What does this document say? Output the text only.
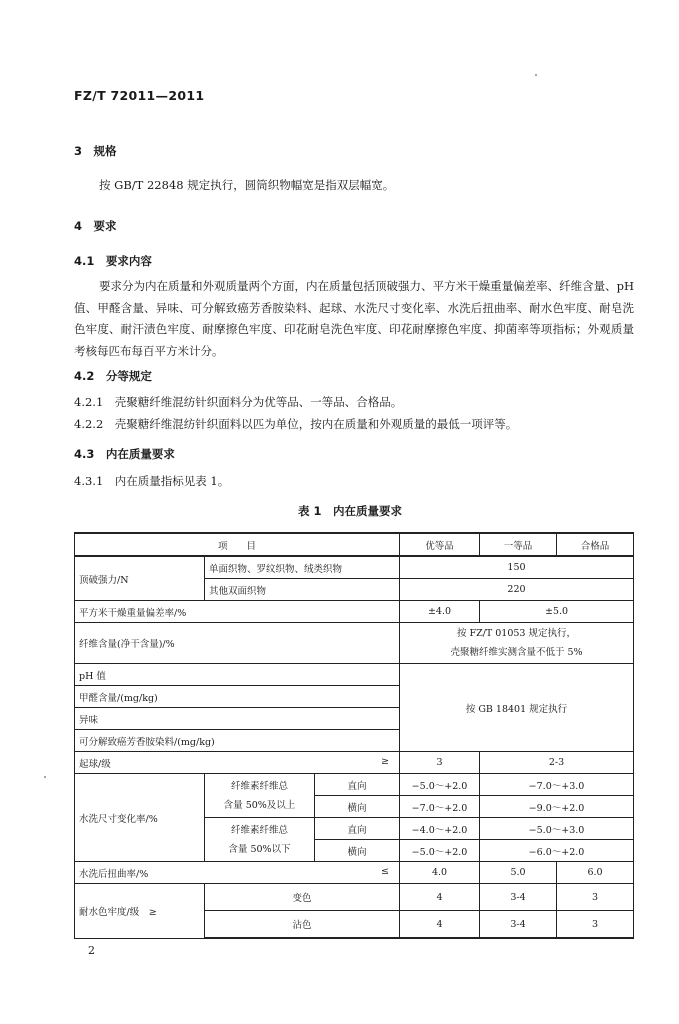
FZ/T 72011—2011
3　规格
按 GB/T 22848 规定执行，圆筒织物幅宽是指双层幅宽。
4　要求
4.1　要求内容
要求分为内在质量和外观质量两个方面，内在质量包括顶破强力、平方米干燥重量偏差率、纤维含量、pH 值、甲醛含量、异味、可分解致癌芳香胺染料、起球、水洗尺寸变化率、水洗后扭曲率、耐水色牢度、耐皂洗色牢度、耐汗渍色牢度、耐摩擦色牢度、印花耐皂洗色牢度、印花耐摩擦色牢度、抑菌率等项指标；外观质量考核每匹布每百平方米计分。
4.2　分等规定
4.2.1　壳聚糖纤维混纺针织面料分为优等品、一等品、合格品。
4.2.2　壳聚糖纤维混纺针织面料以匹为单位，按内在质量和外观质量的最低一项评等。
4.3　内在质量要求
4.3.1　内在质量指标见表 1。
表 1　内在质量要求
项　　目			优等品	一等品	合格品
顶破强力/N	单面织物、罗纹织物、绒类织物		150		
	其他双面织物		220		
平方米干燥重量偏差率/%			±4.0	±5.0	
纤维含量(净干含量)/%			按 FZ/T 01053 规定执行，
壳聚糖纤维实测含量不低于 5%		

pH 值			按 GB 18401 规定执行		
甲醛含量/(mg/kg)					
异味					
可分解致癌芳香胺染料/(mg/kg)					
起球/级 ≥			3	2-3	
水洗尺寸变化率/%	纤维素纤维总
含量 50%及以上	直向	−5.0～+2.0	−7.0～+3.0	
		横向	−7.0～+2.0	−9.0～+2.0	

	纤维素纤维总
含量 50%以下	直向	−4.0～+2.0	−5.0～+3.0	
		横向	−5.0～+2.0	−6.0～+2.0	
水洗后扭曲率/% ≤			4.0	5.0	6.0
耐水色牢度/级　≥	变色		4	3-4	3
	沾色		4	3-4	3
2
